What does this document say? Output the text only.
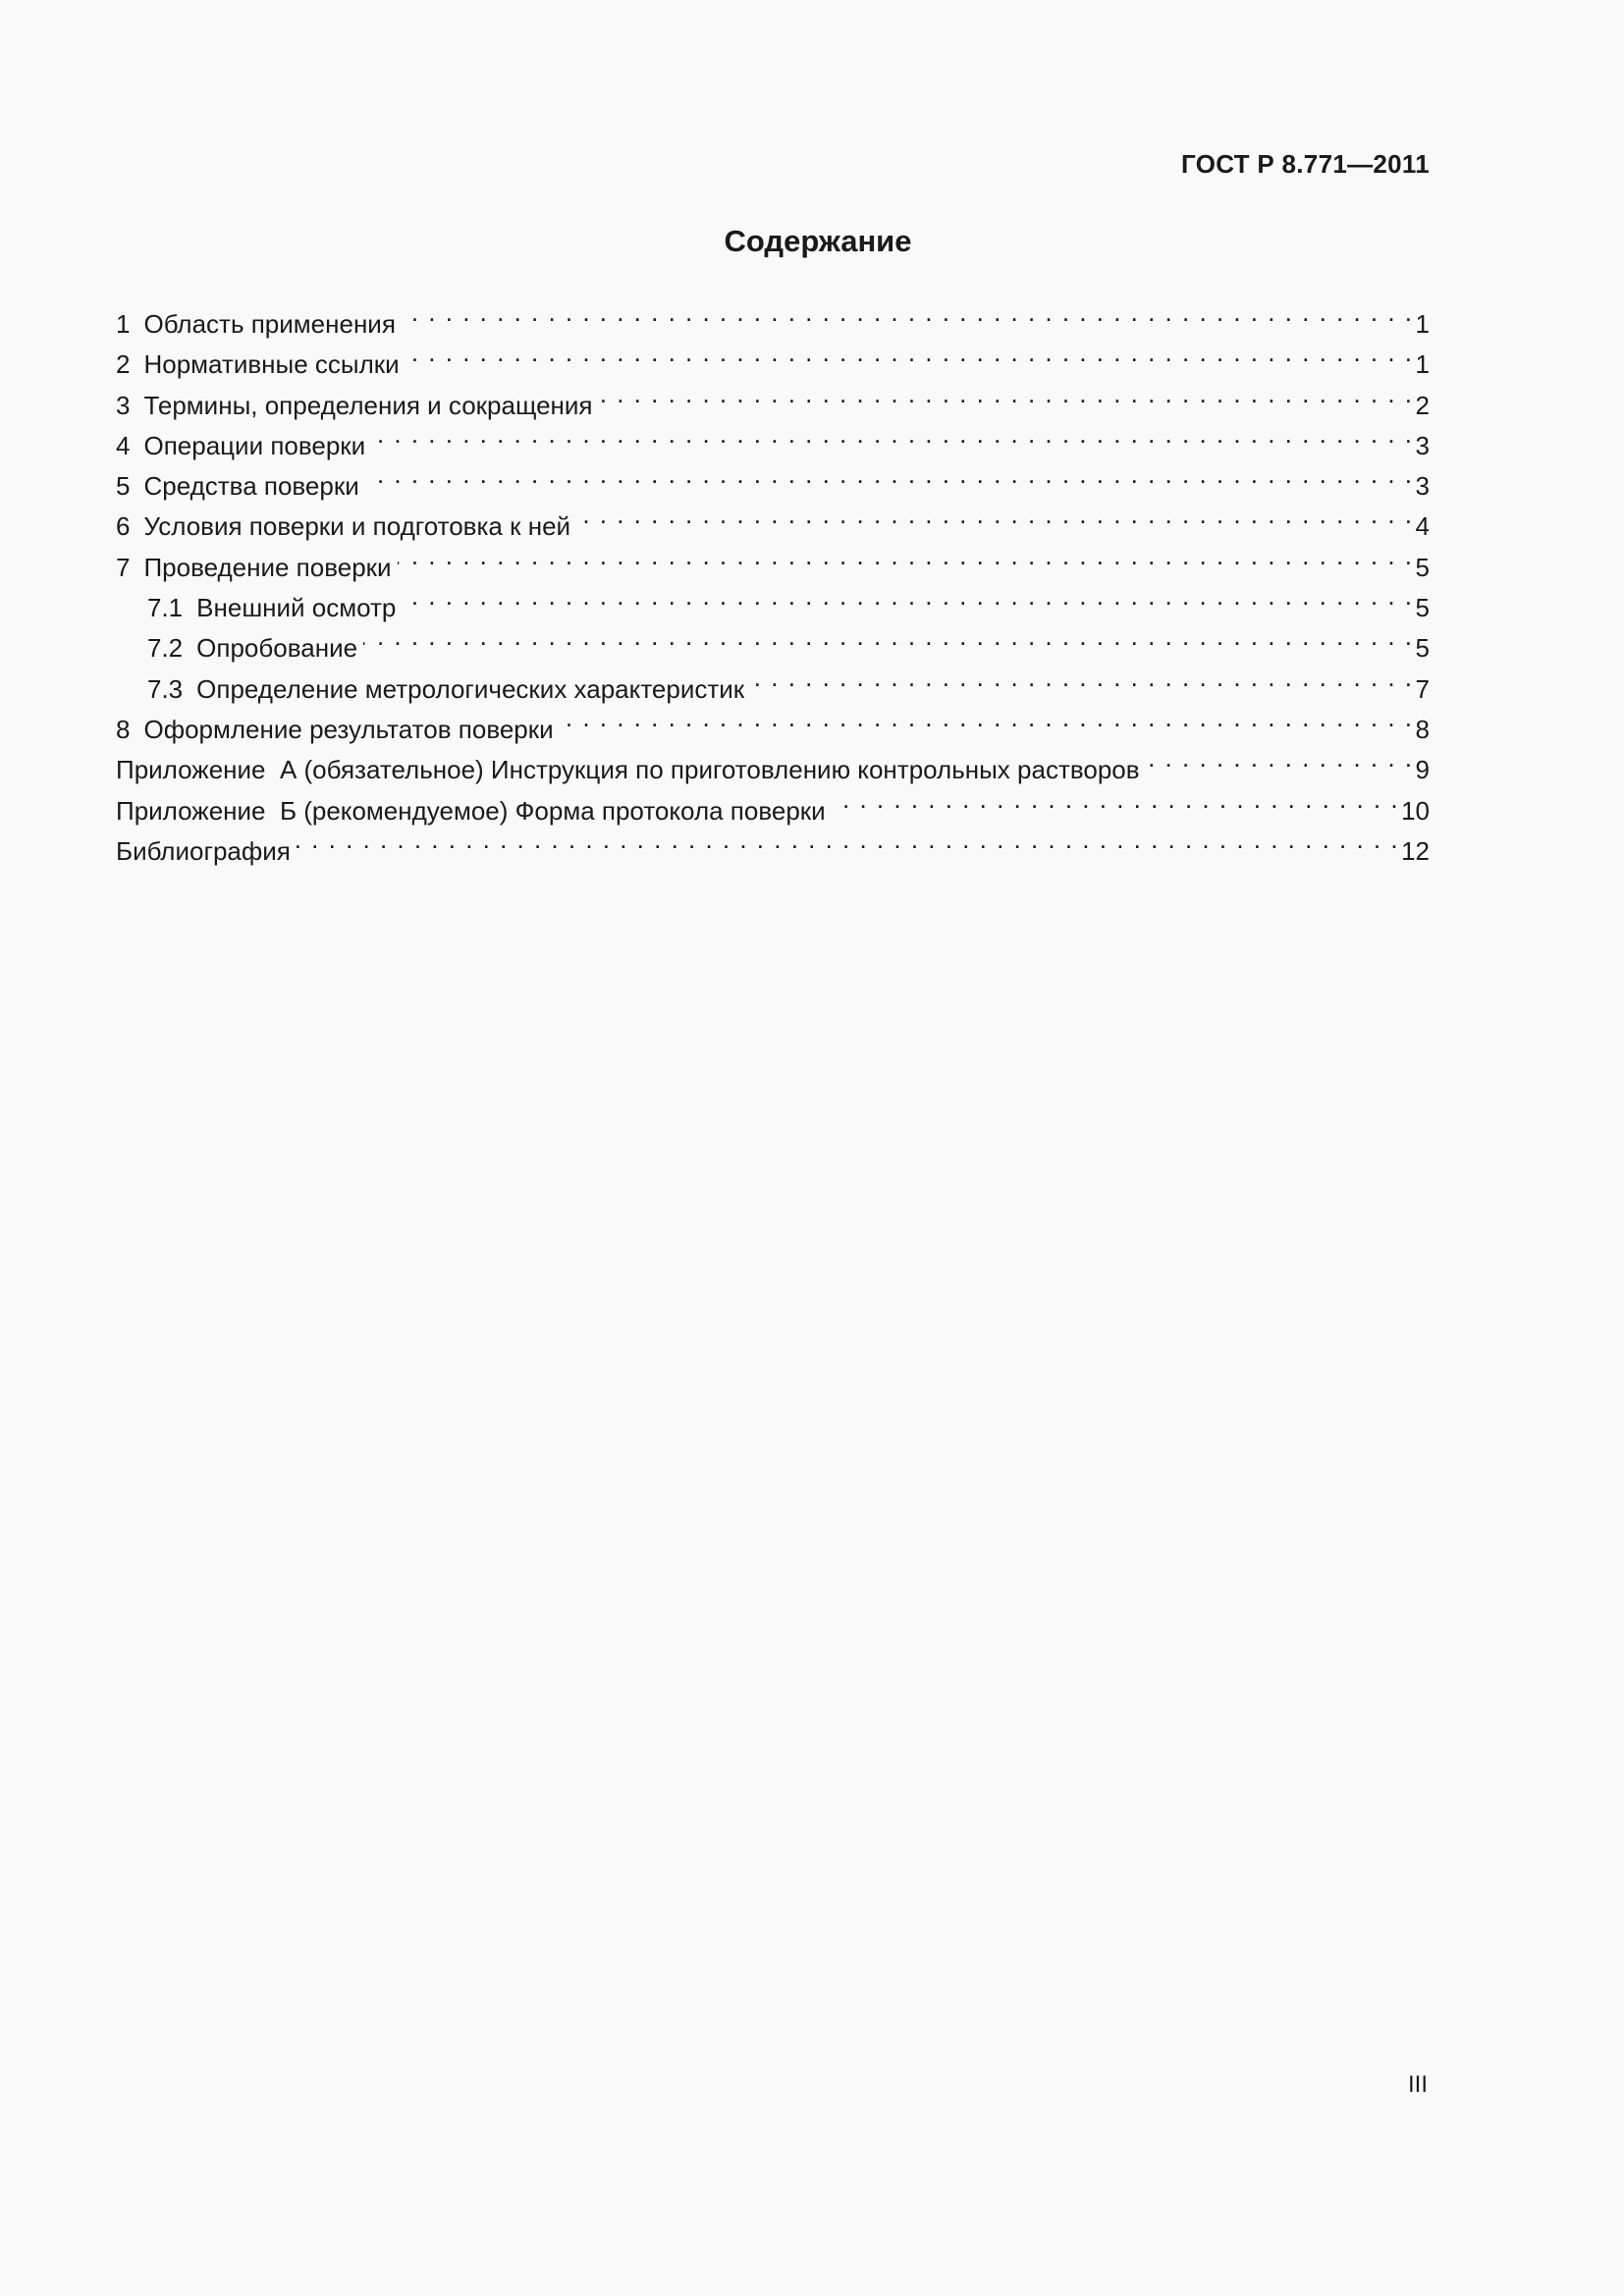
ГОСТ Р 8.771—2011
Содержание
1 Область применения . . .	1
2 Нормативные ссылки . . .	1
3 Термины, определения и сокращения . . .	2
4 Операции поверки . . .	3
5 Средства поверки . . .	3
6 Условия поверки и подготовка к ней . . .	4
7 Проведение поверки . . .	5
7.1 Внешний осмотр . . .	5
7.2 Опробование . . .	5
7.3 Определение метрологических характеристик . . .	7
8 Оформление результатов поверки . . .	8
Приложение  А (обязательное) Инструкция по приготовлению контрольных растворов . . .	9
Приложение  Б (рекомендуемое) Форма протокола поверки . . .	10
Библиография . . .	12
III
